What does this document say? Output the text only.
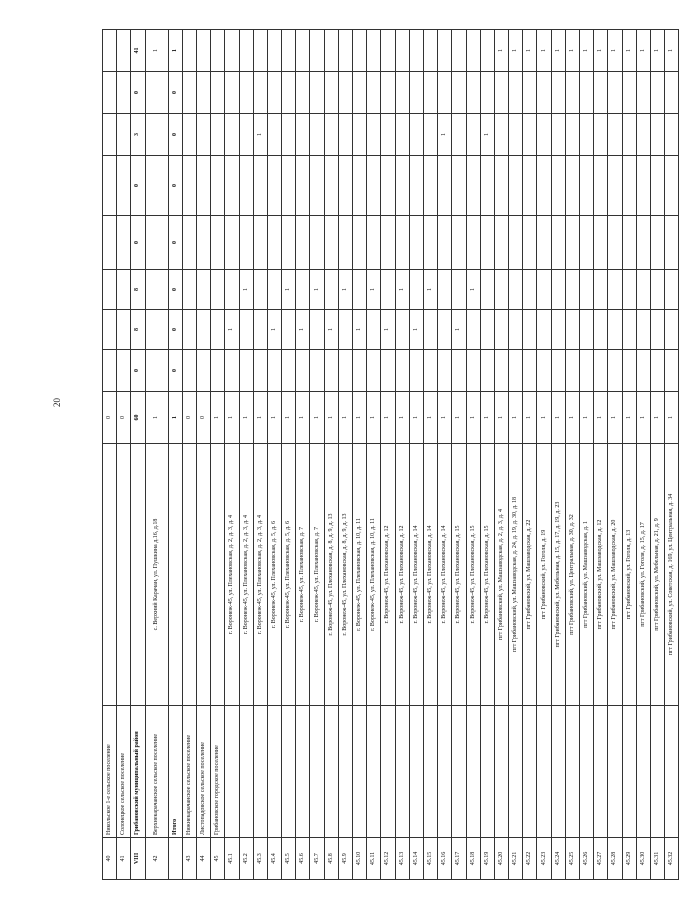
20
40	Никольское 1-е сельское поселение		0								
41	Солонецкое сельское поселение		0								
VIII	Грибановский муниципальный район		60	0	8	8	0	0	3	0	41
42	Верхнекарачанское сельское поселение	с. Верхний Карачан, ул. Пушкина д.16, д.18	1								1
	Итого		1	0	0	0	0	0	0	0	1
43	Нижнекарачанское сельское поселение		0								
44	Листопадовское сельское поселение		0								
45	Грибановское городское поселение		1								
45.1		г. Воронеж-45, ул. Плехановская, д. 2, д. 3, д. 4	1		1						
45.2		г. Воронеж-45, ул. Плехановская, д. 2, д. 3, д. 4	1			1					
45.3		г. Воронеж-45, ул. Плехановская, д. 2, д. 3, д. 4	1						1		
45.4		г. Воронеж-45, ул. Плехановская, д. 5, д. 6	1		1						
45.5		г. Воронеж-45, ул. Плехановская, д. 5, д. 6	1			1					
45.6		г. Воронеж-45, ул. Плехановская, д. 7	1		1						
45.7		г. Воронеж-45, ул. Плехановская, д. 7	1			1					
45.8		г. Воронеж-45, ул. Плехановская, д. 8, д. 9, д. 13	1		1						
45.9		г. Воронеж-45, ул. Плехановская, д. 8, д. 9, д. 13	1			1					
45.10		г. Воронеж-45, ул. Плехановская, д. 10, д. 11	1		1						
45.11		г. Воронеж-45, ул. Плехановская, д. 10, д. 11	1			1					
45.12		г. Воронеж-45, ул. Плехановская, д. 12	1		1						
45.13		г. Воронеж-45, ул. Плехановская, д. 12	1			1					
45.14		г. Воронеж-45, ул. Плехановская, д. 14	1		1						
45.15		г. Воронеж-45, ул. Плехановская, д. 14	1			1					
45.16		г. Воронеж-45, ул. Плехановская, д. 14	1						1		
45.17		г. Воронеж-45, ул. Плехановская, д. 15	1		1						
45.18		г. Воронеж-45, ул. Плехановская, д. 15	1			1					
45.19		г. Воронеж-45, ул. Плехановская, д. 15	1						1		
45.20		пгт Грибановский, ул. Машзаводская, д. 2, д. 3, д. 4	1								1
45.21		пгт Грибановский, ул. Машзаводская, д. 24, д. 19, д. 30, д. 18	1								1
45.22		пгт Грибановский, ул. Машзаводская, д. 22	1								1
45.23		пгт Грибановский, ул. Гоголя, д. 19	1								1
45.24		пгт Грибановский, ул. Мебельная, д. 15, д. 17, д. 19, д. 23	1								1
45.25		пгт Грибановский, ул. Центральная, д. 30, д. 32	1								1
45.26		пгт Грибановский, ул. Машзаводская, д. 1	1								1
45.27		пгт Грибановский, ул. Машзаводская, д. 12	1								1
45.28		пгт Грибановский, ул. Машзаводская, д. 20	1								1
45.29		пгт Грибановский, ул. Гоголя, д. 13	1								1
45.30		пгт Грибановский, ул. Гоголя, д. 15, д. 17	1								1
45.31		пгт Грибановский, ул. Мебельная, д. 21, д. 9	1								1
45.32		пгт Грибановский, ул. Советская, д. 169, ул. Центральная, д. 34	1								1
